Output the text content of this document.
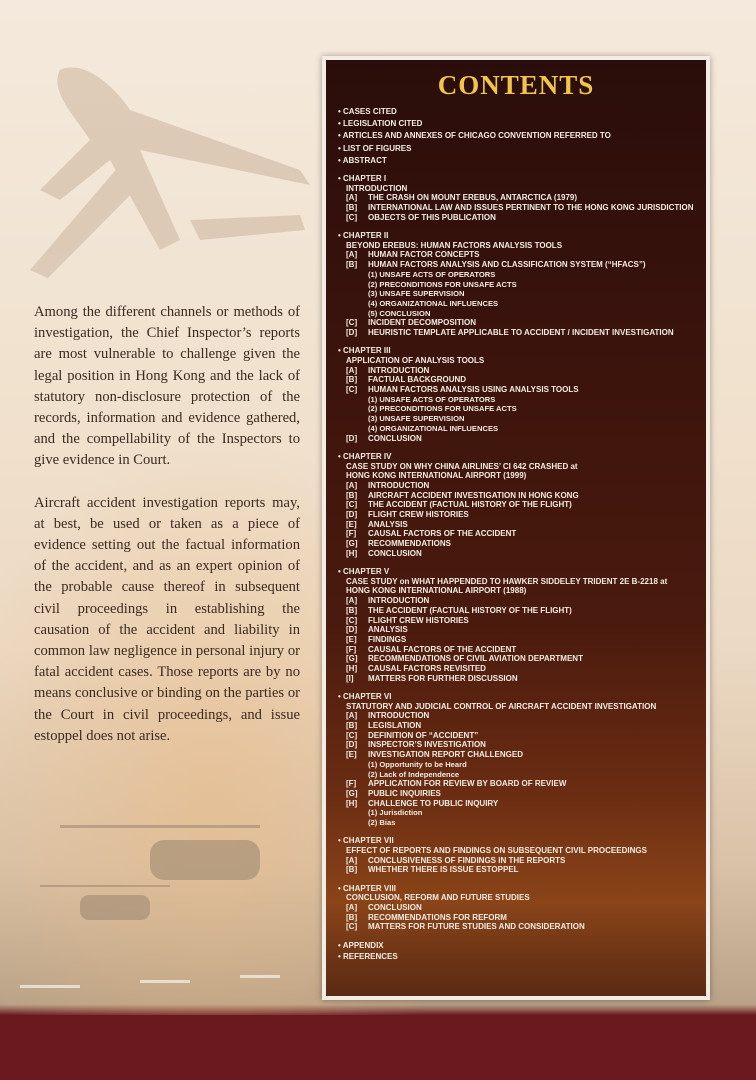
Among the different channels or methods of investigation, the Chief Inspector’s reports are most vulnerable to challenge given the legal position in Hong Kong and the lack of statutory non-disclosure protection of the records, information and evidence gathered, and the compellability of the Inspectors to give evidence in Court.

Aircraft accident investigation reports may, at best, be used or taken as a piece of evidence setting out the factual information of the accident, and as an expert opinion of the probable cause thereof in subsequent civil proceedings in establishing the causation of the accident and liability in common law negligence in personal injury or fatal accident cases. Those reports are by no means conclusive or binding on the parties or the Court in civil proceedings, and issue estoppel does not arise.

CONTENTS
• CASES CITED
• LEGISLATION CITED
• ARTICLES AND ANNEXES OF CHICAGO CONVENTION REFERRED TO
• LIST OF FIGURES
• ABSTRACT
• CHAPTER I
INTRODUCTION
[A]	THE CRASH ON MOUNT EREBUS, ANTARCTICA (1979)
[B]	INTERNATIONAL LAW AND ISSUES PERTINENT TO THE HONG KONG JURISDICTION
[C]	OBJECTS OF THIS PUBLICATION
• CHAPTER II
BEYOND EREBUS: HUMAN FACTORS ANALYSIS TOOLS
[A]	HUMAN FACTOR CONCEPTS
[B]	HUMAN FACTORS ANALYSIS AND CLASSIFICATION SYSTEM (“HFACS”)
(1) UNSAFE ACTS OF OPERATORS
(2) PRECONDITIONS FOR UNSAFE ACTS
(3) UNSAFE SUPERVISION
(4) ORGANIZATIONAL INFLUENCES
(5) CONCLUSION
[C]	INCIDENT DECOMPOSITION
[D]	HEURISTIC TEMPLATE APPLICABLE TO ACCIDENT / INCIDENT INVESTIGATION
• CHAPTER III
APPLICATION OF ANALYSIS TOOLS
[A]	INTRODUCTION
[B]	FACTUAL BACKGROUND
[C]	HUMAN FACTORS ANALYSIS USING ANALYSIS TOOLS
(1) UNSAFE ACTS OF OPERATORS
(2) PRECONDITIONS FOR UNSAFE ACTS
(3) UNSAFE SUPERVISION
(4) ORGANIZATIONAL INFLUENCES
[D]	CONCLUSION
• CHAPTER IV
CASE STUDY ON WHY CHINA AIRLINES’ CI 642 CRASHED at
HONG KONG INTERNATIONAL AIRPORT (1999)
[A]	INTRODUCTION
[B]	AIRCRAFT ACCIDENT INVESTIGATION IN HONG KONG
[C]	THE ACCIDENT (FACTUAL HISTORY OF THE FLIGHT)
[D]	FLIGHT CREW HISTORIES
[E]	ANALYSIS
[F]	CAUSAL FACTORS OF THE ACCIDENT
[G]	RECOMMENDATIONS
[H]	CONCLUSION
• CHAPTER V
CASE STUDY on WHAT HAPPENDED TO HAWKER SIDDELEY TRIDENT 2E B-2218 at
HONG KONG INTERNATIONAL AIRPORT (1988)
[A]	INTRODUCTION
[B]	THE ACCIDENT (FACTUAL HISTORY OF THE FLIGHT)
[C]	FLIGHT CREW HISTORIES
[D]	ANALYSIS
[E]	FINDINGS
[F]	CAUSAL FACTORS OF THE ACCIDENT
[G]	RECOMMENDATIONS OF CIVIL AVIATION DEPARTMENT
[H]	CAUSAL FACTORS REVISITED
[I]	MATTERS FOR FURTHER DISCUSSION
• CHAPTER VI
STATUTORY AND JUDICIAL CONTROL OF AIRCRAFT ACCIDENT INVESTIGATION
[A]	INTRODUCTION
[B]	LEGISLATION
[C]	DEFINITION OF “ACCIDENT”
[D]	INSPECTOR’S INVESTIGATION
[E]	INVESTIGATION REPORT CHALLENGED
(1) Opportunity to be Heard
(2) Lack of Independence
[F]	APPLICATION FOR REVIEW BY BOARD OF REVIEW
[G]	PUBLIC INQUIRIES
[H]	CHALLENGE TO PUBLIC INQUIRY
(1) Jurisdiction
(2) Bias
• CHAPTER VII
EFFECT OF REPORTS AND FINDINGS ON SUBSEQUENT CIVIL PROCEEDINGS
[A]	CONCLUSIVENESS OF FINDINGS IN THE REPORTS
[B]	WHETHER THERE IS ISSUE ESTOPPEL
• CHAPTER VIII
CONCLUSION, REFORM AND FUTURE STUDIES
[A]	CONCLUSION
[B]	RECOMMENDATIONS FOR REFORM
[C]	MATTERS FOR FUTURE STUDIES AND CONSIDERATION
• APPENDIX
• REFERENCES
